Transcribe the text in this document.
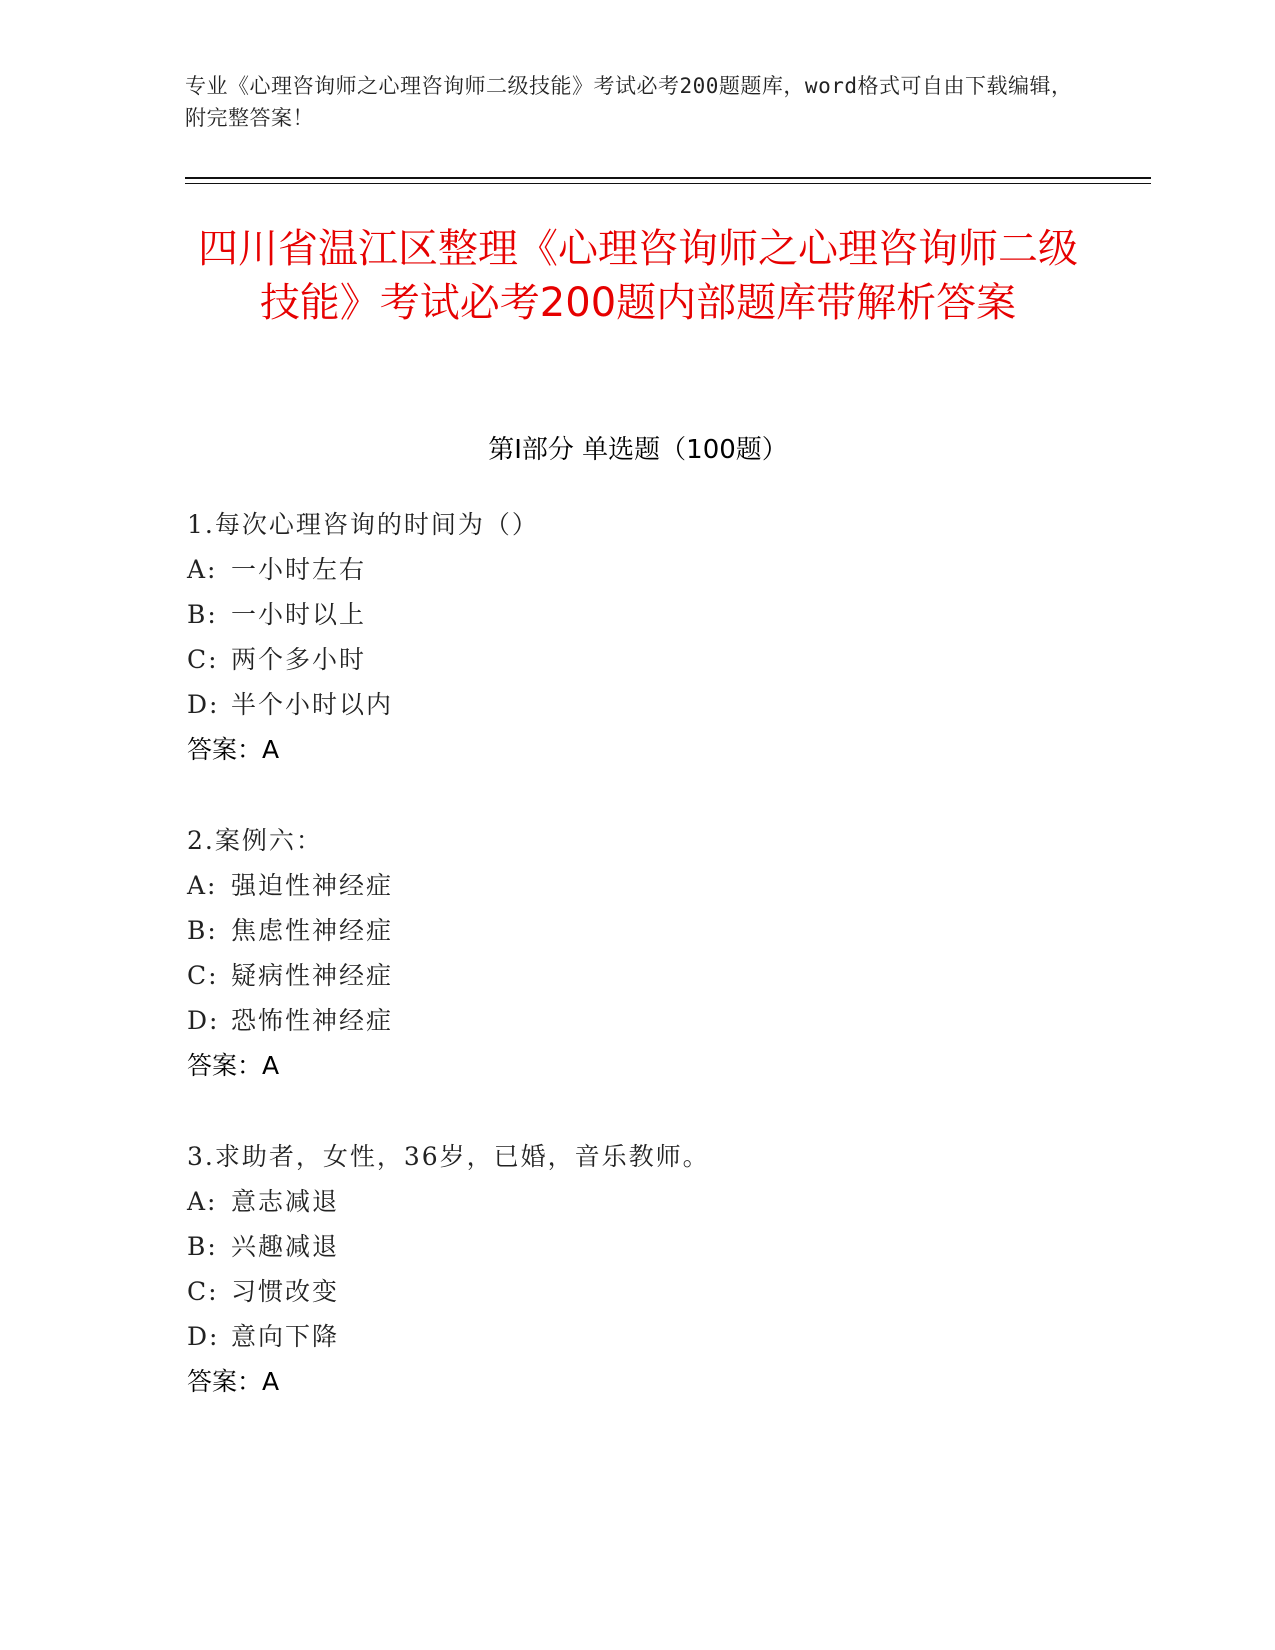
专业《心理咨询师之心理咨询师二级技能》考试必考200题题库，word格式可自由下载编辑，附完整答案！
四川省温江区整理《心理咨询师之心理咨询师二级技能》考试必考200题内部题库带解析答案
第I部分 单选题（100题）
1.每次心理咨询的时间为（）
A: 一小时左右
B: 一小时以上
C: 两个多小时
D: 半个小时以内
答案：A
2.案例六：
A: 强迫性神经症
B: 焦虑性神经症
C: 疑病性神经症
D: 恐怖性神经症
答案：A
3.求助者，女性，36岁，已婚，音乐教师。
A: 意志减退
B: 兴趣减退
C: 习惯改变
D: 意向下降
答案：A
